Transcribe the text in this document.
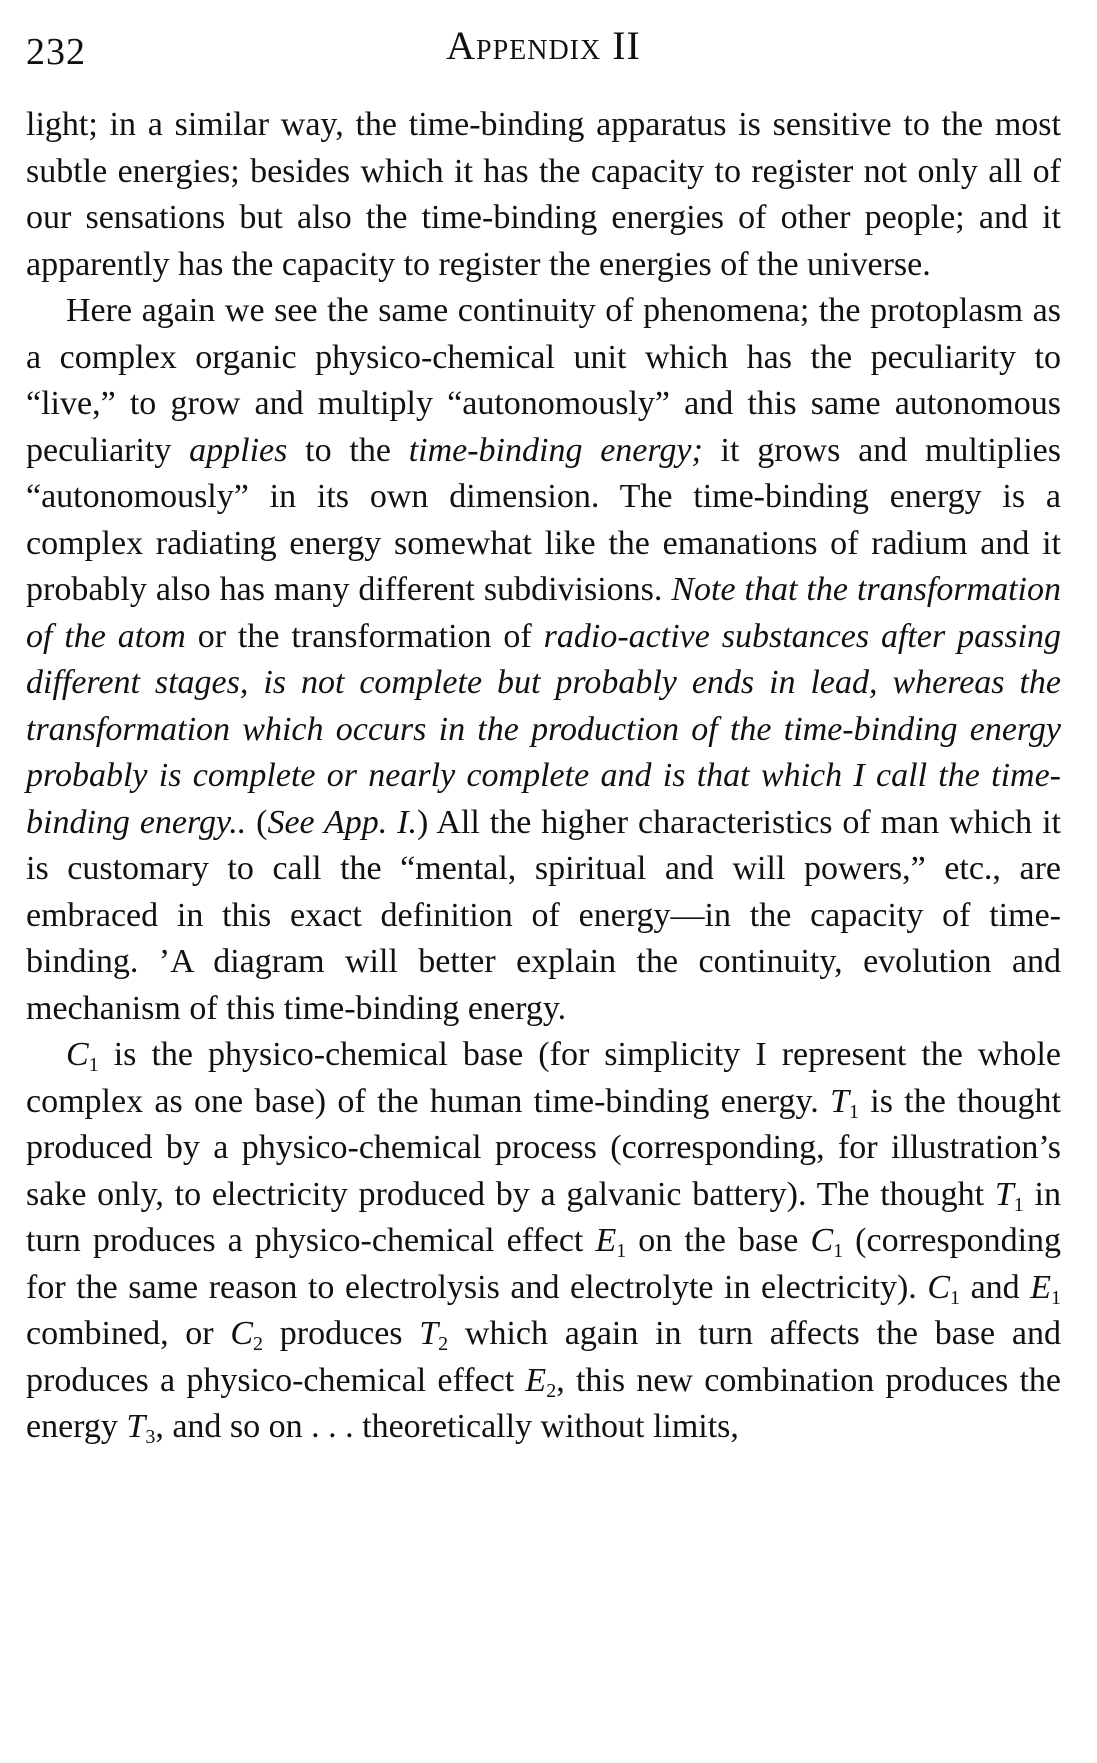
232	Appendix II

light; in a similar way, the time-binding apparatus is sensitive to the most subtle energies; besides which it has the capacity to register not only all of our sensations but also the time-binding energies of other people; and it apparently has the capacity to register the energies of the universe.

Here again we see the same continuity of phenomena; the protoplasm as a complex organic physico-chemical unit which has the peculiarity to “live,” to grow and multiply “autonomously” and this same autonomous peculiarity applies to the time-binding energy; it grows and multiplies “autonomously” in its own dimension. The time-binding energy is a complex radiating energy somewhat like the emanations of radium and it probably also has many different subdivisions. Note that the transformation of the atom or the transformation of radio-active substances after passing different stages, is not complete but probably ends in lead, whereas the transformation which occurs in the production of the time-binding energy probably is complete or nearly complete and is that which I call the time-binding energy.. (See App. I.) All the higher characteristics of man which it is customary to call the “mental, spiritual and will powers,” etc., are embraced in this exact definition of energy—in the capacity of time-binding. ’A diagram will better explain the continuity, evolution and mechanism of this time-binding energy.

$C_1$ is the physico-chemical base (for simplicity I represent the whole complex as one base) of the human time-binding energy. $T_1$ is the thought produced by a physico-chemical process (corresponding, for illustration’s sake only, to electricity produced by a galvanic battery). The thought $T_1$ in turn produces a physico-chemical effect $E_1$ on the base $C_1$ (corresponding for the same reason to electrolysis and electrolyte in electricity). $C_1$ and $E_1$ combined, or $C_2$ produces $T_2$ which again in turn affects the base and produces a physico-chemical effect $E_2$, this new combination produces the energy $T_3$, and so on . . . theoretically without limits,
